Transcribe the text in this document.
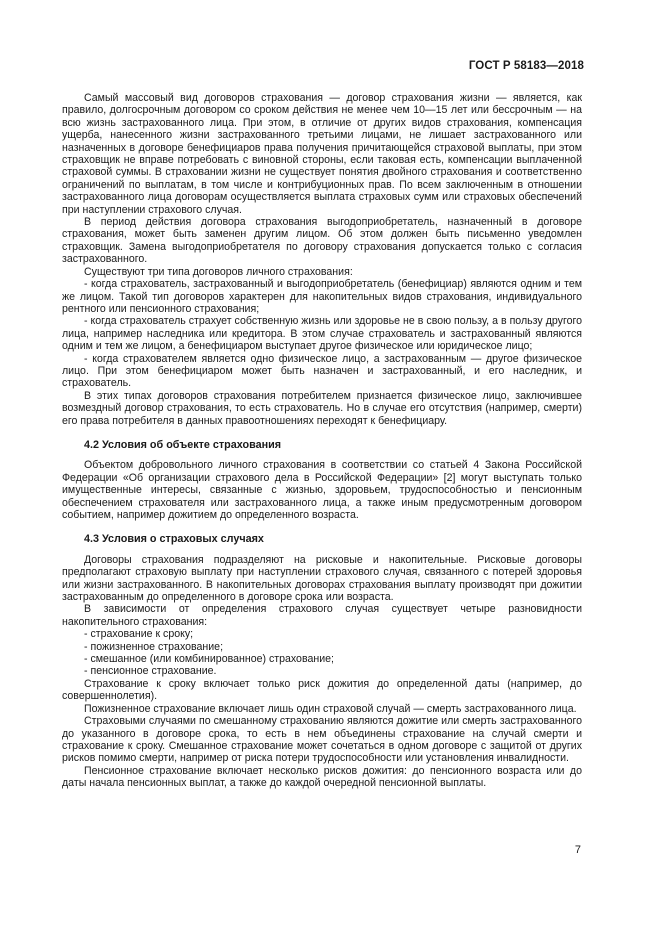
ГОСТ Р 58183—2018

Самый массовый вид договоров страхования — договор страхования жизни — является, как правило, долгосрочным договором со сроком действия не менее чем 10—15 лет или бессрочным — на всю жизнь застрахованного лица. При этом, в отличие от других видов страхования, компенсация ущерба, нанесенного жизни застрахованного третьими лицами, не лишает застрахованного или назначенных в договоре бенефициаров права получения причитающейся страховой выплаты, при этом страховщик не вправе потребовать с виновной стороны, если таковая есть, компенсации выплаченной страховой суммы. В страховании жизни не существует понятия двойного страхования и соответственно ограничений по выплатам, в том числе и контрибуционных прав. По всем заключенным в отношении застрахованного лица договорам осуществляется выплата страховых сумм или страховых обеспечений при наступлении страхового случая.

В период действия договора страхования выгодоприобретатель, назначенный в договоре страхования, может быть заменен другим лицом. Об этом должен быть письменно уведомлен страховщик. Замена выгодоприобретателя по договору страхования допускается только с согласия застрахованного.

Существуют три типа договоров личного страхования:

- когда страхователь, застрахованный и выгодоприобретатель (бенефициар) являются одним и тем же лицом. Такой тип договоров характерен для накопительных видов страхования, индивидуального рентного или пенсионного страхования;

- когда страхователь страхует собственную жизнь или здоровье не в свою пользу, а в пользу другого лица, например наследника или кредитора. В этом случае страхователь и застрахованный являются одним и тем же лицом, а бенефициаром выступает другое физическое или юридическое лицо;

- когда страхователем является одно физическое лицо, а застрахованным — другое физическое лицо. При этом бенефициаром может быть назначен и застрахованный, и его наследник, и страхователь.

В этих типах договоров страхования потребителем признается физическое лицо, заключившее возмездный договор страхования, то есть страхователь. Но в случае его отсутствия (например, смерти) его права потребителя в данных правоотношениях переходят к бенефициару.

4.2 Условия об объекте страхования

Объектом добровольного личного страхования в соответствии со статьей 4 Закона Российской Федерации «Об организации страхового дела в Российской Федерации» [2] могут выступать только имущественные интересы, связанные с жизнью, здоровьем, трудоспособностью и пенсионным обеспечением страхователя или застрахованного лица, а также иным предусмотренным договором событием, например дожитием до определенного возраста.

4.3 Условия о страховых случаях

Договоры страхования подразделяют на рисковые и накопительные. Рисковые договоры предполагают страховую выплату при наступлении страхового случая, связанного с потерей здоровья или жизни застрахованного. В накопительных договорах страхования выплату производят при дожитии застрахованным до определенного в договоре срока или возраста.

В зависимости от определения страхового случая существует четыре разновидности накопительного страхования:

- страхование к сроку;

- пожизненное страхование;

- смешанное (или комбинированное) страхование;

- пенсионное страхование.

Страхование к сроку включает только риск дожития до определенной даты (например, до совершеннолетия).

Пожизненное страхование включает лишь один страховой случай — смерть застрахованного лица.

Страховыми случаями по смешанному страхованию являются дожитие или смерть застрахованного до указанного в договоре срока, то есть в нем объединены страхование на случай смерти и страхование к сроку. Смешанное страхование может сочетаться в одном договоре с защитой от других рисков помимо смерти, например от риска потери трудоспособности или установления инвалидности.

Пенсионное страхование включает несколько рисков дожития: до пенсионного возраста или до даты начала пенсионных выплат, а также до каждой очередной пенсионной выплаты.

7
